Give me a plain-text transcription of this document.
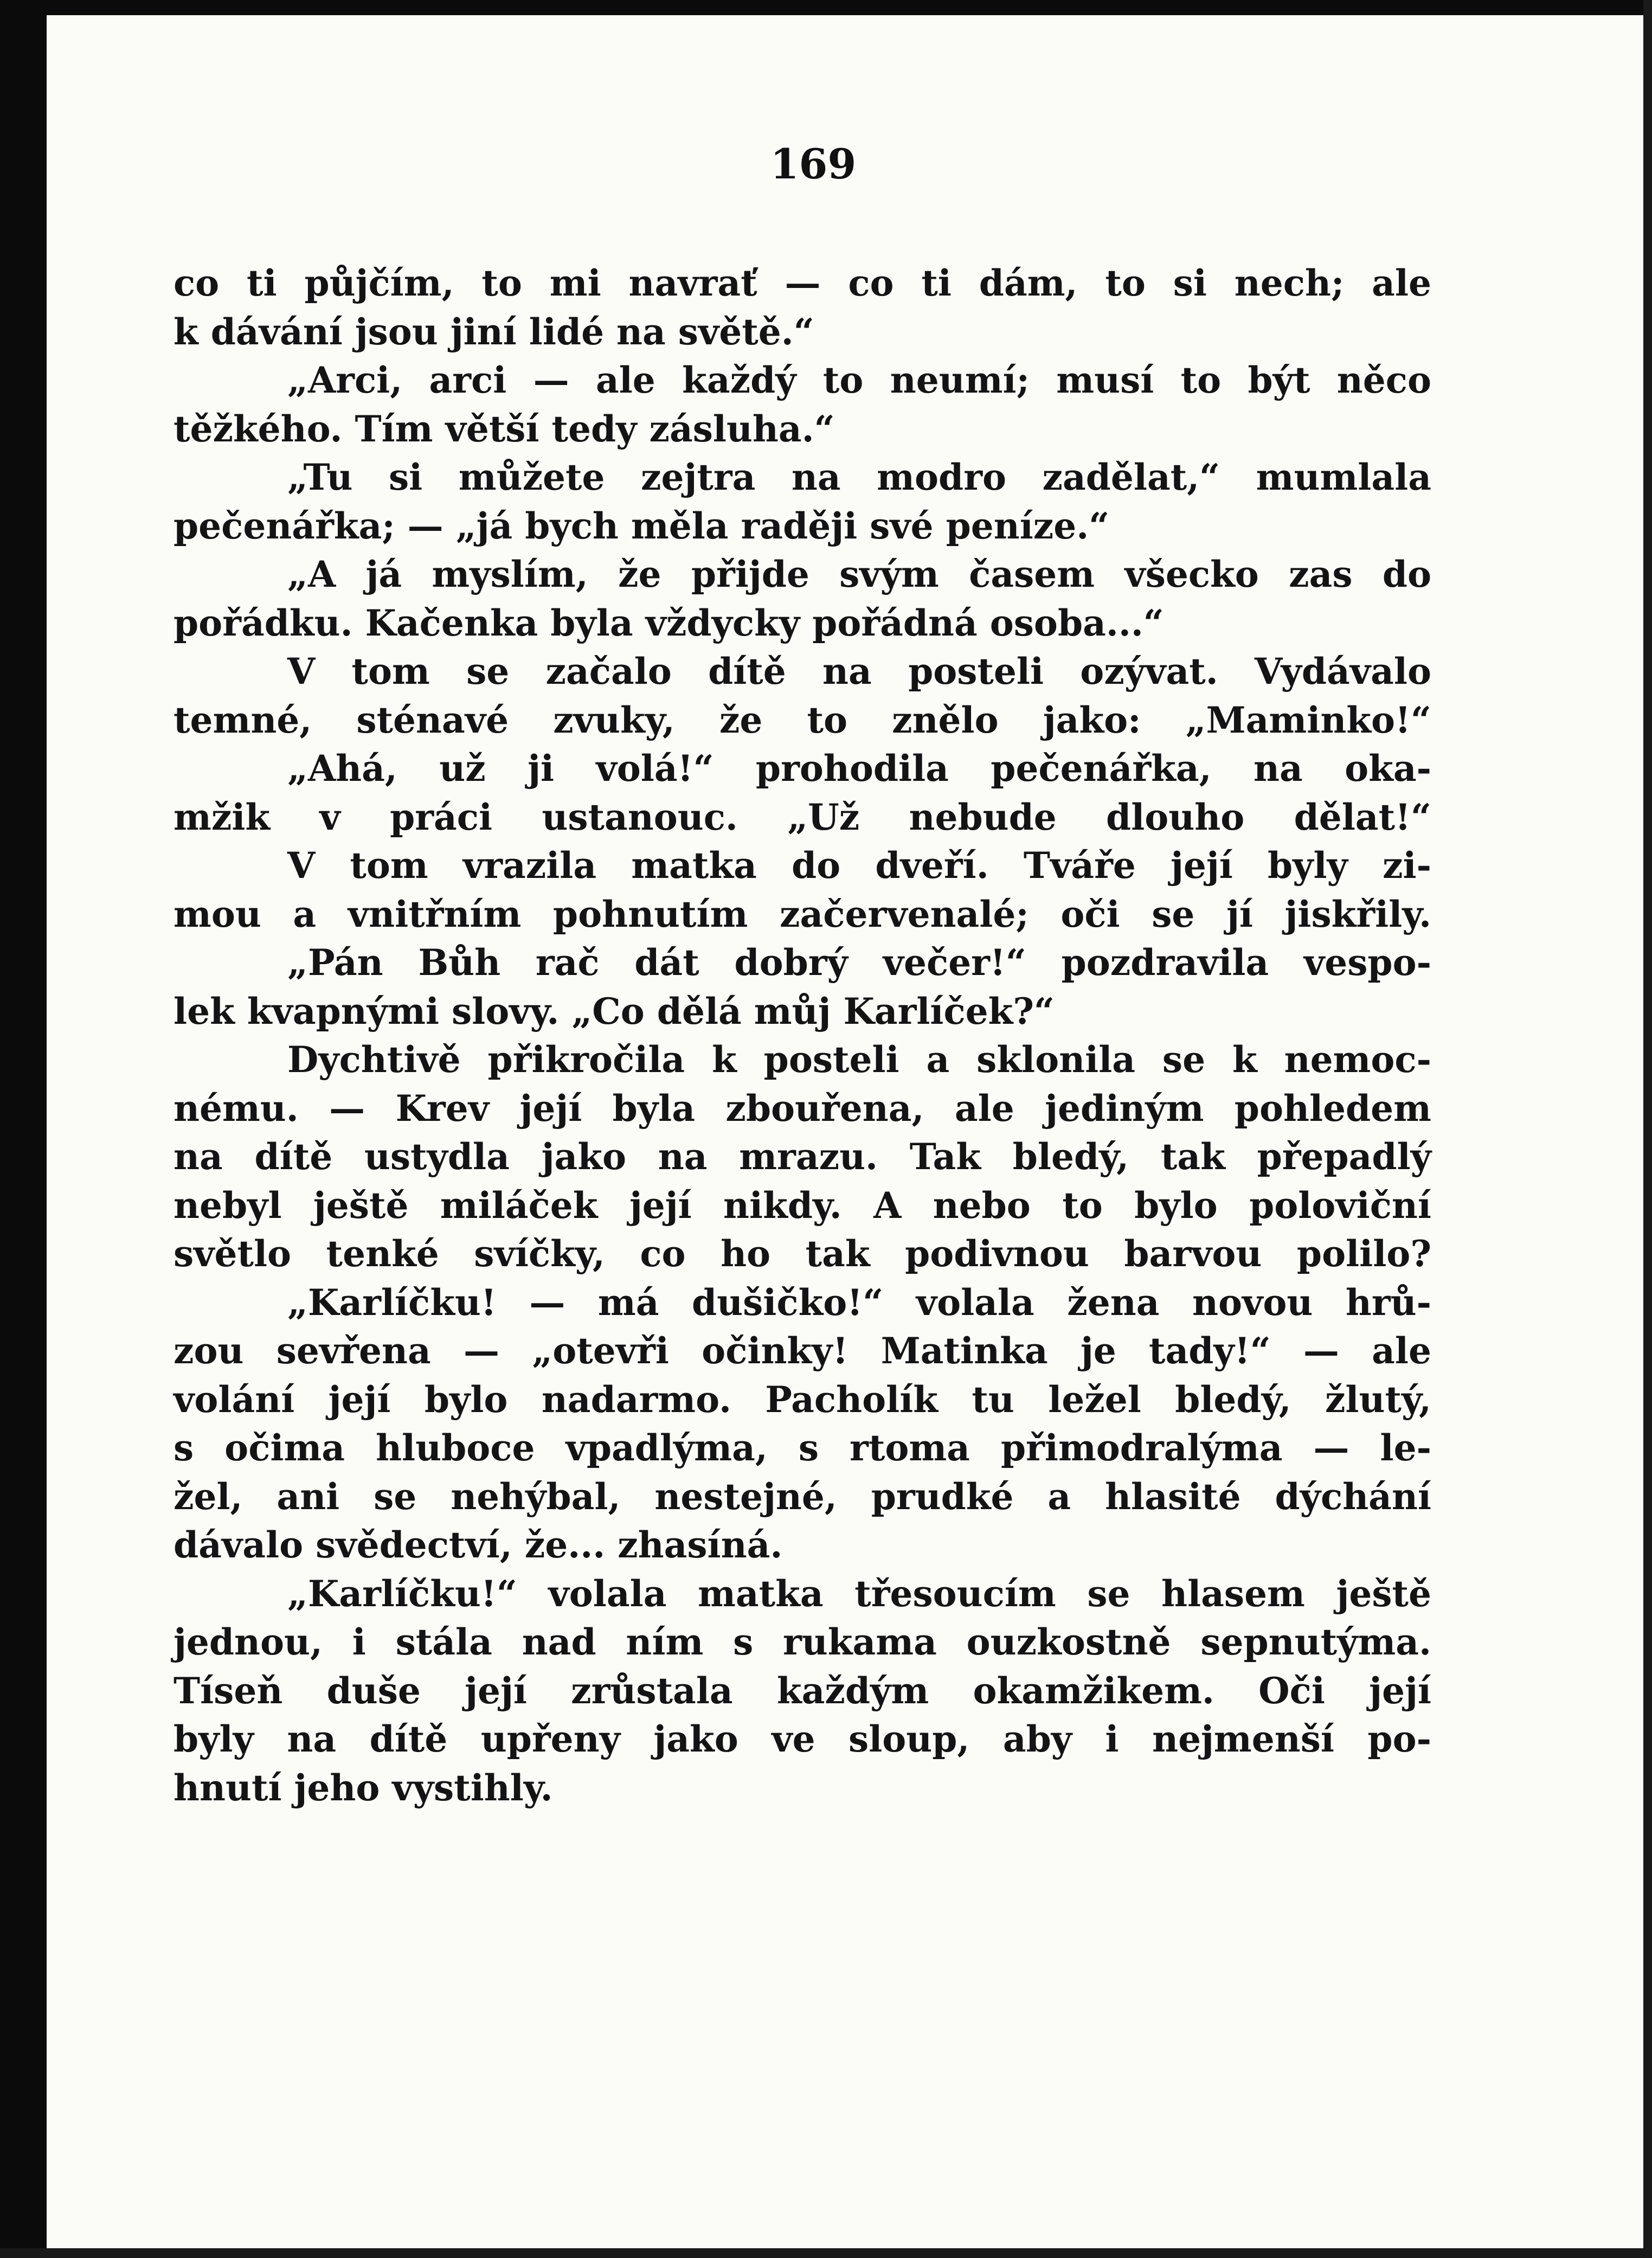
169
co ti půjčím, to mi navrať — co ti dám, to si nech; ale
k dávání jsou jiní lidé na světě.“
„Arci, arci — ale každý to neumí; musí to být něco
těžkého. Tím větší tedy zásluha.“
„Tu si můžete zejtra na modro zadělat,“ mumlala
pečenářka; — „já bych měla raději své peníze.“
„A já myslím, že přijde svým časem všecko zas do
pořádku. Kačenka byla vždycky pořádná osoba...“
V tom se začalo dítě na posteli ozývat. Vydávalo
temné, sténavé zvuky, že to znělo jako: „Maminko!“
„Ahá, už ji volá!“ prohodila pečenářka, na oka-
mžik v práci ustanouc. „Už nebude dlouho dělat!“
V tom vrazila matka do dveří. Tváře její byly zi-
mou a vnitřním pohnutím začervenalé; oči se jí jiskřily.
„Pán Bůh rač dát dobrý večer!“ pozdravila vespo-
lek kvapnými slovy. „Co dělá můj Karlíček?“
Dychtivě přikročila k posteli a sklonila se k nemoc-
nému. — Krev její byla zbouřena, ale jediným pohledem
na dítě ustydla jako na mrazu. Tak bledý, tak přepadlý
nebyl ještě miláček její nikdy. A nebo to bylo poloviční
světlo tenké svíčky, co ho tak podivnou barvou polilo?
„Karlíčku! — má dušičko!“ volala žena novou hrů-
zou sevřena — „otevři očinky! Matinka je tady!“ — ale
volání její bylo nadarmo. Pacholík tu ležel bledý, žlutý,
s očima hluboce vpadlýma, s rtoma přimodralýma — le-
žel, ani se nehýbal, nestejné, prudké a hlasité dýchání
dávalo svědectví, že... zhasíná.
„Karlíčku!“ volala matka třesoucím se hlasem ještě
jednou, i stála nad ním s rukama ouzkostně sepnutýma.
Tíseň duše její zrůstala každým okamžikem. Oči její
byly na dítě upřeny jako ve sloup, aby i nejmenší po-
hnutí jeho vystihly.
